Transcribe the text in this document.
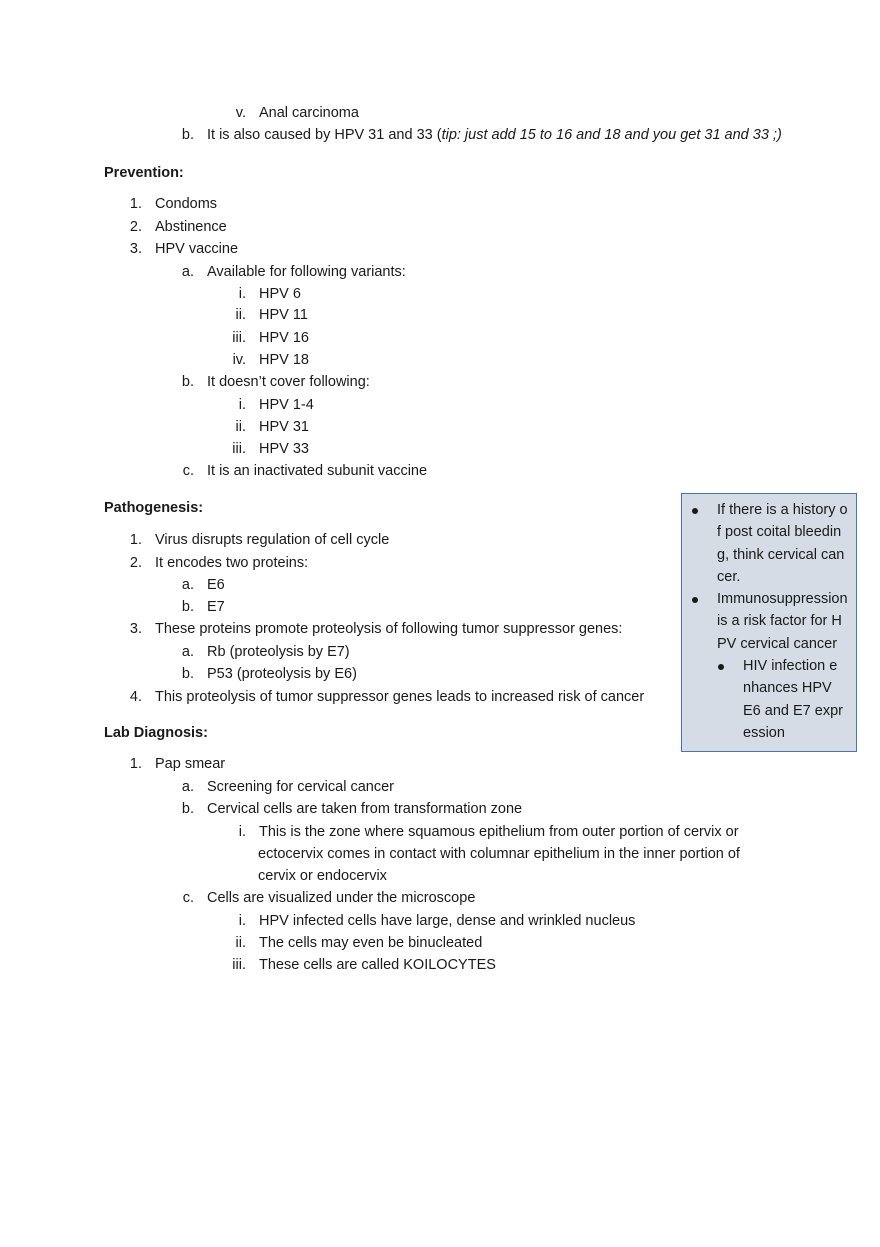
v. Anal carcinoma
b. It is also caused by HPV 31 and 33 (tip: just add 15 to 16 and 18 and you get 31 and 33 ;)
Prevention:
1. Condoms
2. Abstinence
3. HPV vaccine
a. Available for following variants:
i. HPV 6
ii. HPV 11
iii. HPV 16
iv. HPV 18
b. It doesn’t cover following:
i. HPV 1-4
ii. HPV 31
iii. HPV 33
c. It is an inactivated subunit vaccine
Pathogenesis:
1. Virus disrupts regulation of cell cycle
2. It encodes two proteins:
a. E6
b. E7
3. These proteins promote proteolysis of following tumor suppressor genes:
a. Rb (proteolysis by E7)
b. P53 (proteolysis by E6)
4. This proteolysis of tumor suppressor genes leads to increased risk of cancer
Lab Diagnosis:
1. Pap smear
a. Screening for cervical cancer
b. Cervical cells are taken from transformation zone
i. This is the zone where squamous epithelium from outer portion of cervix or
ectocervix comes in contact with columnar epithelium in the inner portion of
cervix or endocervix
c. Cells are visualized under the microscope
i. HPV infected cells have large, dense and wrinkled nucleus
ii. The cells may even be binucleated
iii. These cells are called KOILOCYTES
If there is a history of post coital bleeding, think cervical cancer.
Immunosuppression is a risk factor for HPV cervical cancer
HIV infection enhances HPV E6 and E7 expression
